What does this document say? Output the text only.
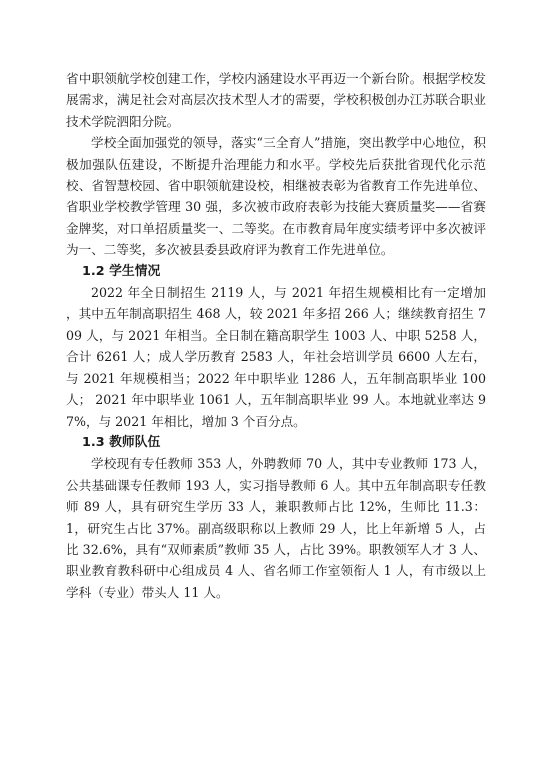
省中职领航学校创建工作，学校内涵建设水平再迈一个新台阶。根据学校发展需求，满足社会对高层次技术型人才的需要，学校积极创办江苏联合职业技术学院泗阳分院。

学校全面加强党的领导，落实“三全育人”措施，突出教学中心地位，积极加强队伍建设，不断提升治理能力和水平。学校先后获批省现代化示范校、省智慧校园、省中职领航建设校，相继被表彰为省教育工作先进单位、省职业学校教学管理 30 强，多次被市政府表彰为技能大赛质量奖——省赛金牌奖，对口单招质量奖一、二等奖。在市教育局年度实绩考评中多次被评为一、二等奖，多次被县委县政府评为教育工作先进单位。

1.2 学生情况

2022 年全日制招生 2119 人，与 2021 年招生规模相比有一定增加 ，其中五年制高职招生 468 人，较 2021 年多招 266 人；继续教育招生 709 人，与 2021 年相当。全日制在籍高职学生 1003 人、中职 5258 人，合计 6261 人；成人学历教育 2583 人，年社会培训学员 6600 人左右，与 2021 年规模相当；2022 年中职毕业 1286 人，五年制高职毕业 100 人； 2021 年中职毕业 1061 人，五年制高职毕业 99 人。本地就业率达 97%，与 2021 年相比，增加 3 个百分点。

1.3 教师队伍

学校现有专任教师 353 人，外聘教师 70 人，其中专业教师 173 人，公共基础课专任教师 193 人，实习指导教师 6 人。其中五年制高职专任教师 89 人，具有研究生学历 33 人，兼职教师占比 12%，生师比 11.3：1，研究生占比 37%。副高级职称以上教师 29 人，比上年新增 5 人，占比 32.6%，具有“双师素质”教师 35 人，占比 39%。职教领军人才 3 人、职业教育教科研中心组成员 4 人、省名师工作室领衔人 1 人，有市级以上学科（专业）带头人 11 人。
